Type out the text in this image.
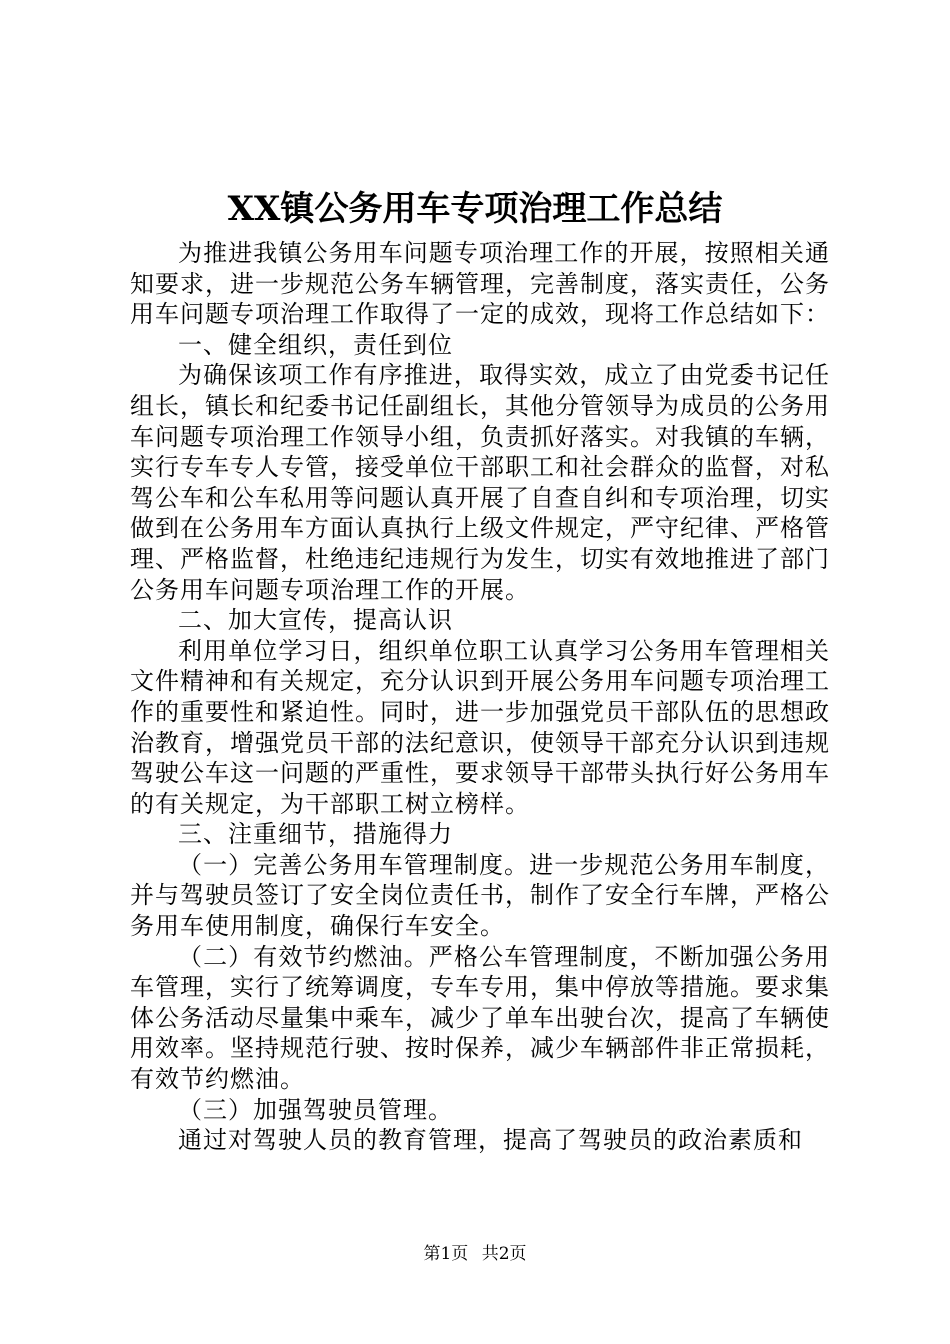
XX镇公务用车专项治理工作总结

为推进我镇公务用车问题专项治理工作的开展，按照相关通知要求，进一步规范公务车辆管理，完善制度，落实责任，公务用车问题专项治理工作取得了一定的成效，现将工作总结如下：

一、健全组织，责任到位

为确保该项工作有序推进，取得实效，成立了由党委书记任组长，镇长和纪委书记任副组长，其他分管领导为成员的公务用车问题专项治理工作领导小组，负责抓好落实。对我镇的车辆，实行专车专人专管，接受单位干部职工和社会群众的监督，对私驾公车和公车私用等问题认真开展了自查自纠和专项治理，切实做到在公务用车方面认真执行上级文件规定，严守纪律、严格管理、严格监督，杜绝违纪违规行为发生，切实有效地推进了部门公务用车问题专项治理工作的开展。

二、加大宣传，提高认识

利用单位学习日，组织单位职工认真学习公务用车管理相关文件精神和有关规定，充分认识到开展公务用车问题专项治理工作的重要性和紧迫性。同时，进一步加强党员干部队伍的思想政治教育，增强党员干部的法纪意识，使领导干部充分认识到违规驾驶公车这一问题的严重性，要求领导干部带头执行好公务用车的有关规定，为干部职工树立榜样。

三、注重细节，措施得力

（一）完善公务用车管理制度。进一步规范公务用车制度，并与驾驶员签订了安全岗位责任书，制作了安全行车牌，严格公务用车使用制度，确保行车安全。

（二）有效节约燃油。严格公车管理制度，不断加强公务用车管理，实行了统筹调度，专车专用，集中停放等措施。要求集体公务活动尽量集中乘车，减少了单车出驶台次，提高了车辆使用效率。坚持规范行驶、按时保养，减少车辆部件非正常损耗，有效节约燃油。

（三）加强驾驶员管理。

通过对驾驶人员的教育管理，提高了驾驶员的政治素质和

第1页 共2页
